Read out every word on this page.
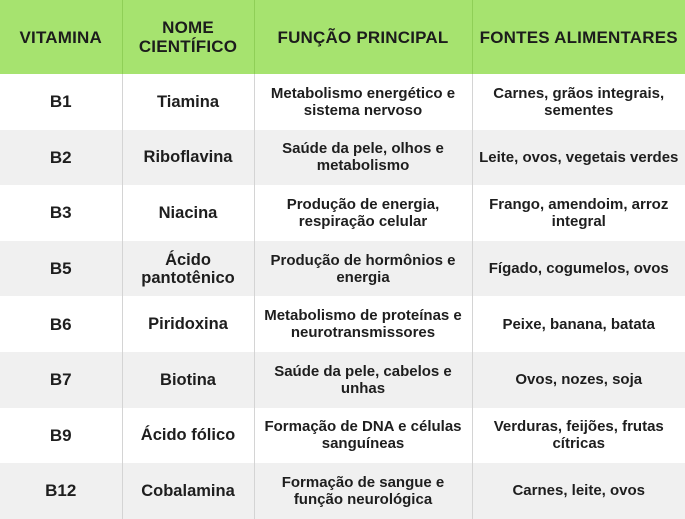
VITAMINA	NOME CIENTÍFICO	FUNÇÃO PRINCIPAL	FONTES ALIMENTARES
B1	Tiamina	Metabolismo energético e sistema nervoso	Carnes, grãos integrais, sementes
B2	Riboflavina	Saúde da pele, olhos e metabolismo	Leite, ovos, vegetais verdes
B3	Niacina	Produção de energia, respiração celular	Frango, amendoim, arroz integral
B5	Ácido pantotênico	Produção de hormônios e energia	Fígado, cogumelos, ovos
B6	Piridoxina	Metabolismo de proteínas e neurotransmissores	Peixe, banana, batata
B7	Biotina	Saúde da pele, cabelos e unhas	Ovos, nozes, soja
B9	Ácido fólico	Formação de DNA e células sanguíneas	Verduras, feijões, frutas cítricas
B12	Cobalamina	Formação de sangue e função neurológica	Carnes, leite, ovos
